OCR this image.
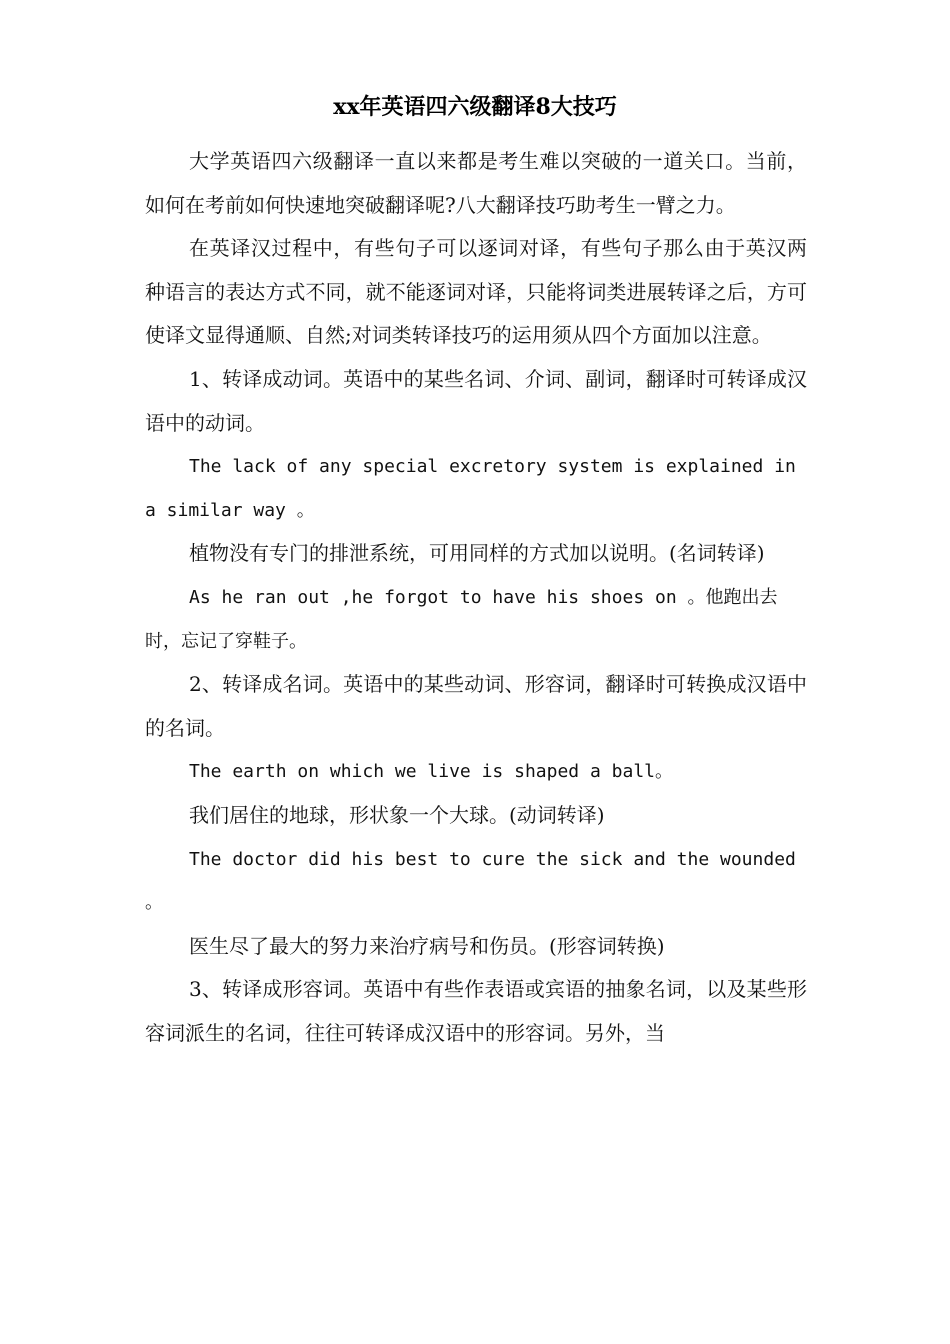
xx年英语四六级翻译8大技巧

大学英语四六级翻译一直以来都是考生难以突破的一道关口。当前，如何在考前如何快速地突破翻译呢?八大翻译技巧助考生一臂之力。

在英译汉过程中，有些句子可以逐词对译，有些句子那么由于英汉两种语言的表达方式不同，就不能逐词对译，只能将词类进展转译之后，方可使译文显得通顺、自然;对词类转译技巧的运用须从四个方面加以注意。

1、转译成动词。英语中的某些名词、介词、副词，翻译时可转译成汉语中的动词。

The lack of any special excretory system is explained in a similar way 。

植物没有专门的排泄系统，可用同样的方式加以说明。(名词转译)

As he ran out ,he forgot to have his shoes on 。他跑出去时，忘记了穿鞋子。

2、转译成名词。英语中的某些动词、形容词，翻译时可转换成汉语中的名词。

The earth on which we live is shaped a ball。

我们居住的地球，形状象一个大球。(动词转译)

The doctor did his best to cure the sick and the wounded 。

医生尽了最大的努力来治疗病号和伤员。(形容词转换)

3、转译成形容词。英语中有些作表语或宾语的抽象名词，以及某些形容词派生的名词，往往可转译成汉语中的形容词。另外，当
